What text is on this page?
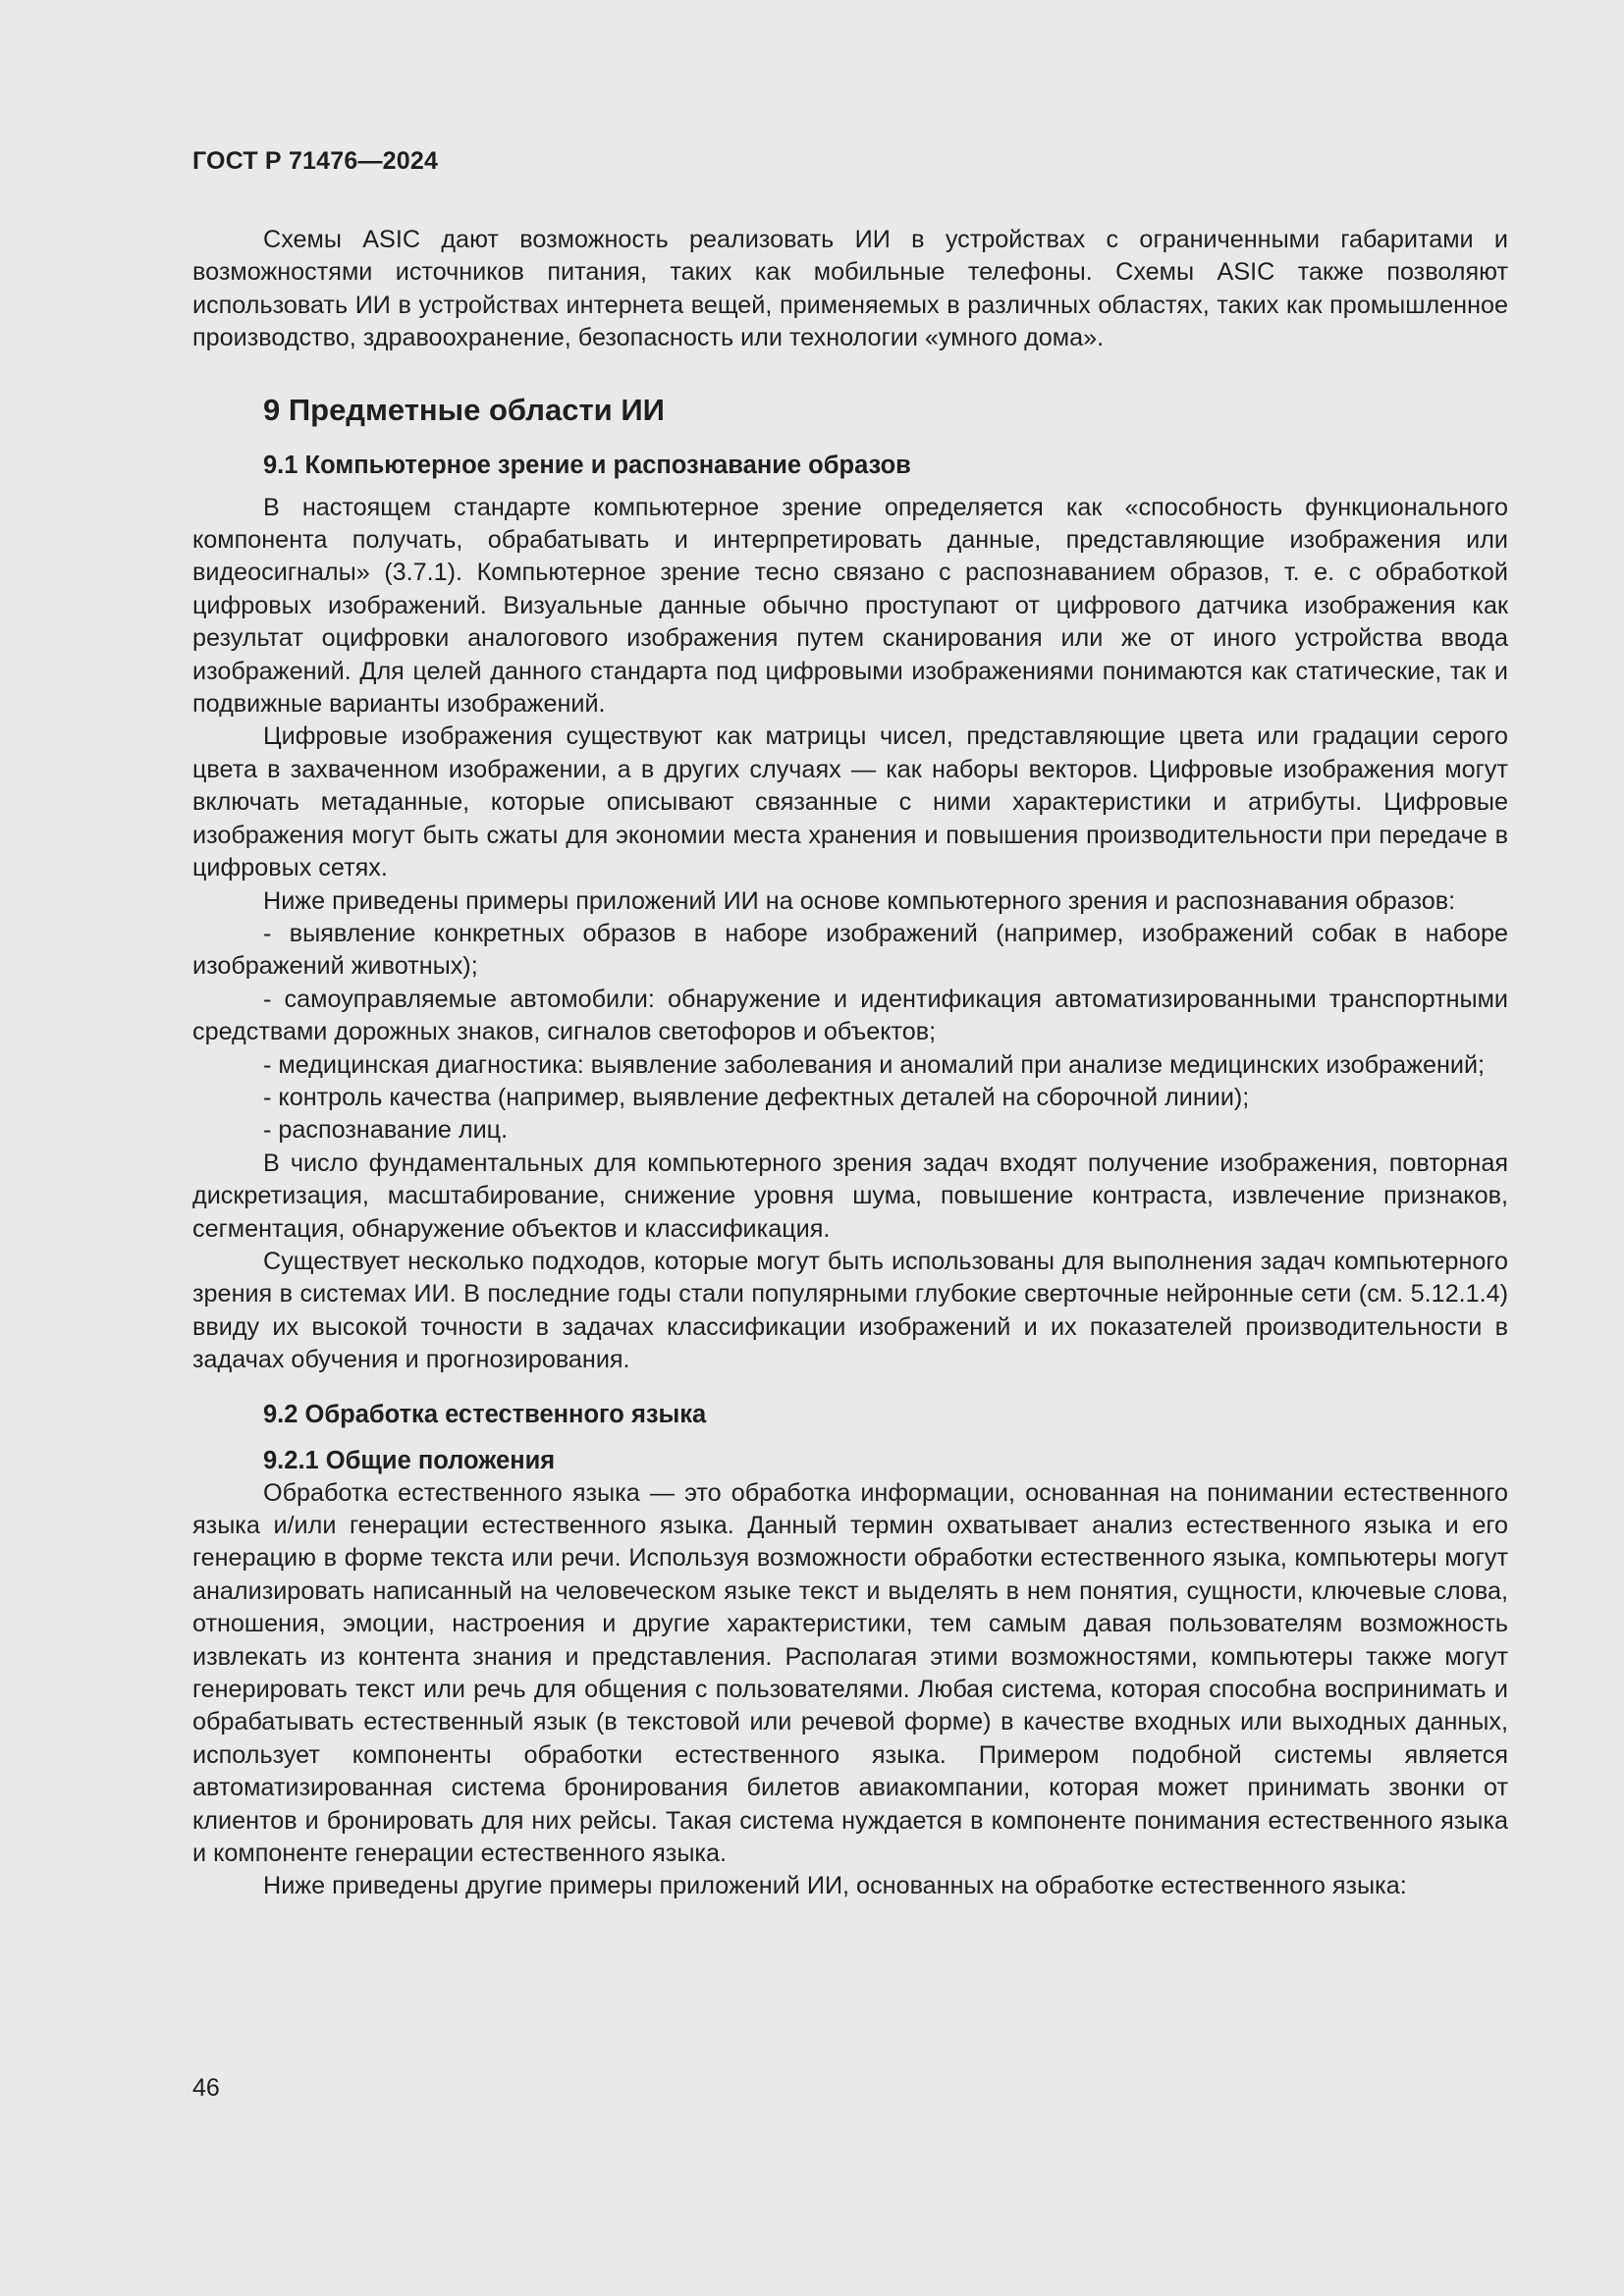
ГОСТ Р 71476—2024

Схемы ASIC дают возможность реализовать ИИ в устройствах с ограниченными габаритами и возможностями источников питания, таких как мобильные телефоны. Схемы ASIC также позволяют использовать ИИ в устройствах интернета вещей, применяемых в различных областях, таких как промышленное производство, здравоохранение, безопасность или технологии «умного дома».

9 Предметные области ИИ
9.1 Компьютерное зрение и распознавание образов

В настоящем стандарте компьютерное зрение определяется как «способность функционального компонента получать, обрабатывать и интерпретировать данные, представляющие изображения или видеосигналы» (3.7.1). Компьютерное зрение тесно связано с распознаванием образов, т. е. с обработкой цифровых изображений. Визуальные данные обычно проступают от цифрового датчика изображения как результат оцифровки аналогового изображения путем сканирования или же от иного устройства ввода изображений. Для целей данного стандарта под цифровыми изображениями понимаются как статические, так и подвижные варианты изображений.

Цифровые изображения существуют как матрицы чисел, представляющие цвета или градации серого цвета в захваченном изображении, а в других случаях — как наборы векторов. Цифровые изображения могут включать метаданные, которые описывают связанные с ними характеристики и атрибуты. Цифровые изображения могут быть сжаты для экономии места хранения и повышения производительности при передаче в цифровых сетях.

Ниже приведены примеры приложений ИИ на основе компьютерного зрения и распознавания образов:

- выявление конкретных образов в наборе изображений (например, изображений собак в наборе изображений животных);

- самоуправляемые автомобили: обнаружение и идентификация автоматизированными транспортными средствами дорожных знаков, сигналов светофоров и объектов;

- медицинская диагностика: выявление заболевания и аномалий при анализе медицинских изображений;

- контроль качества (например, выявление дефектных деталей на сборочной линии);

- распознавание лиц.

В число фундаментальных для компьютерного зрения задач входят получение изображения, повторная дискретизация, масштабирование, снижение уровня шума, повышение контраста, извлечение признаков, сегментация, обнаружение объектов и классификация.

Существует несколько подходов, которые могут быть использованы для выполнения задач компьютерного зрения в системах ИИ. В последние годы стали популярными глубокие сверточные нейронные сети (см. 5.12.1.4) ввиду их высокой точности в задачах классификации изображений и их показателей производительности в задачах обучения и прогнозирования.

9.2 Обработка естественного языка
9.2.1 Общие положения

Обработка естественного языка — это обработка информации, основанная на понимании естественного языка и/или генерации естественного языка. Данный термин охватывает анализ естественного языка и его генерацию в форме текста или речи. Используя возможности обработки естественного языка, компьютеры могут анализировать написанный на человеческом языке текст и выделять в нем понятия, сущности, ключевые слова, отношения, эмоции, настроения и другие характеристики, тем самым давая пользователям возможность извлекать из контента знания и представления. Располагая этими возможностями, компьютеры также могут генерировать текст или речь для общения с пользователями. Любая система, которая способна воспринимать и обрабатывать естественный язык (в текстовой или речевой форме) в качестве входных или выходных данных, использует компоненты обработки естественного языка. Примером подобной системы является автоматизированная система бронирования билетов авиакомпании, которая может принимать звонки от клиентов и бронировать для них рейсы. Такая система нуждается в компоненте понимания естественного языка и компоненте генерации естественного языка.

Ниже приведены другие примеры приложений ИИ, основанных на обработке естественного языка:

46
